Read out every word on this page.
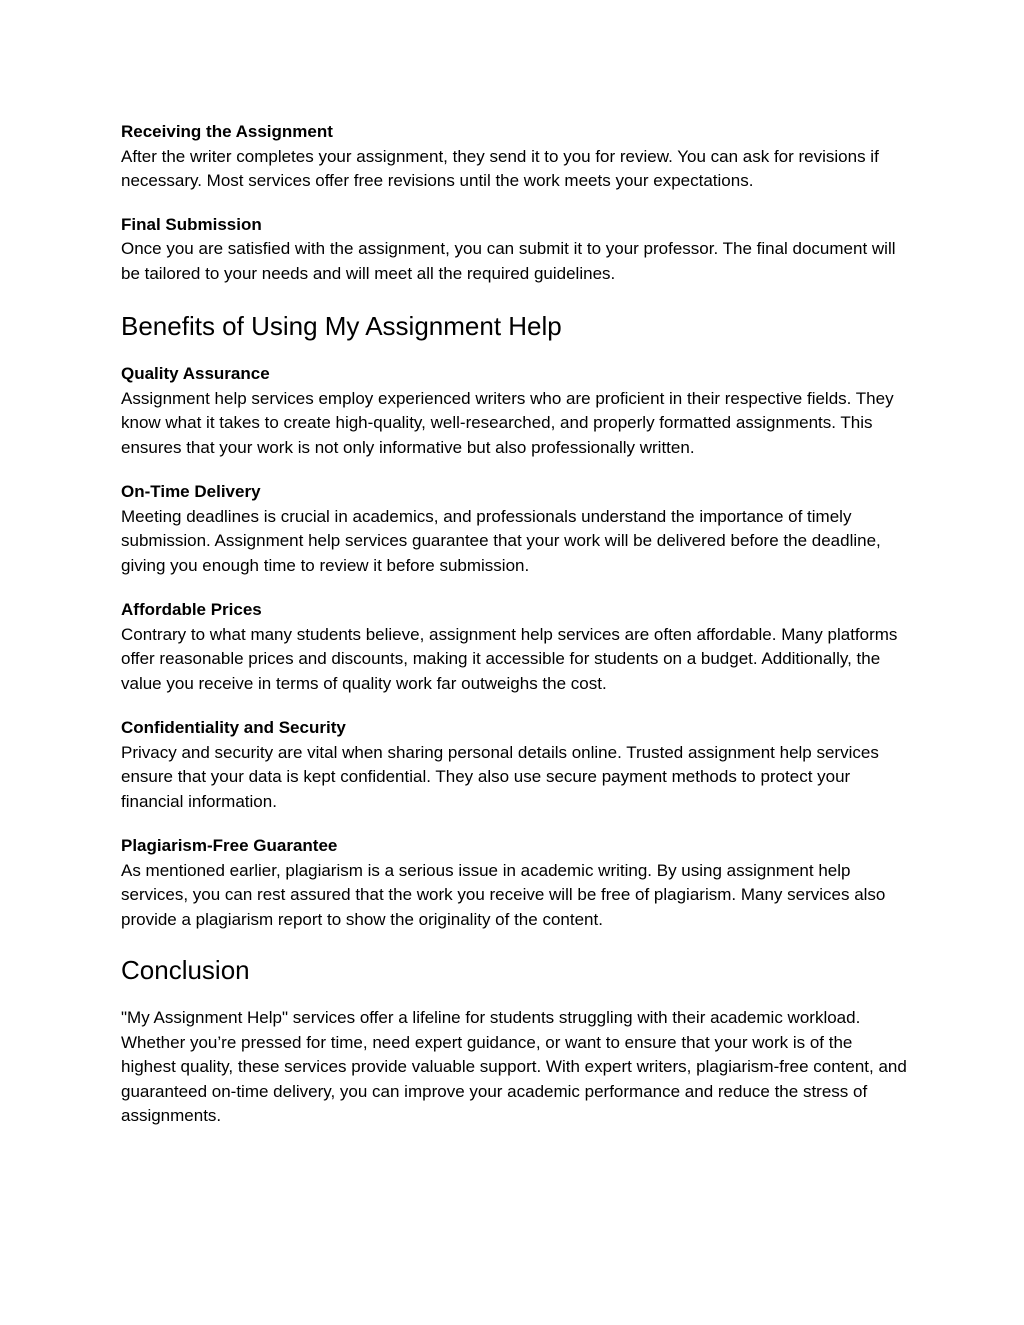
Receiving the Assignment

After the writer completes your assignment, they send it to you for review. You can ask for revisions if necessary. Most services offer free revisions until the work meets your expectations.

Final Submission

Once you are satisfied with the assignment, you can submit it to your professor. The final document will be tailored to your needs and will meet all the required guidelines.

Benefits of Using My Assignment Help

Quality Assurance

Assignment help services employ experienced writers who are proficient in their respective fields. They know what it takes to create high-quality, well-researched, and properly formatted assignments. This ensures that your work is not only informative but also professionally written.

On-Time Delivery

Meeting deadlines is crucial in academics, and professionals understand the importance of timely submission. Assignment help services guarantee that your work will be delivered before the deadline, giving you enough time to review it before submission.

Affordable Prices

Contrary to what many students believe, assignment help services are often affordable. Many platforms offer reasonable prices and discounts, making it accessible for students on a budget. Additionally, the value you receive in terms of quality work far outweighs the cost.

Confidentiality and Security

Privacy and security are vital when sharing personal details online. Trusted assignment help services ensure that your data is kept confidential. They also use secure payment methods to protect your financial information.

Plagiarism-Free Guarantee

As mentioned earlier, plagiarism is a serious issue in academic writing. By using assignment help services, you can rest assured that the work you receive will be free of plagiarism. Many services also provide a plagiarism report to show the originality of the content.

Conclusion

"My Assignment Help" services offer a lifeline for students struggling with their academic workload. Whether you’re pressed for time, need expert guidance, or want to ensure that your work is of the highest quality, these services provide valuable support. With expert writers, plagiarism-free content, and guaranteed on-time delivery, you can improve your academic performance and reduce the stress of assignments.
